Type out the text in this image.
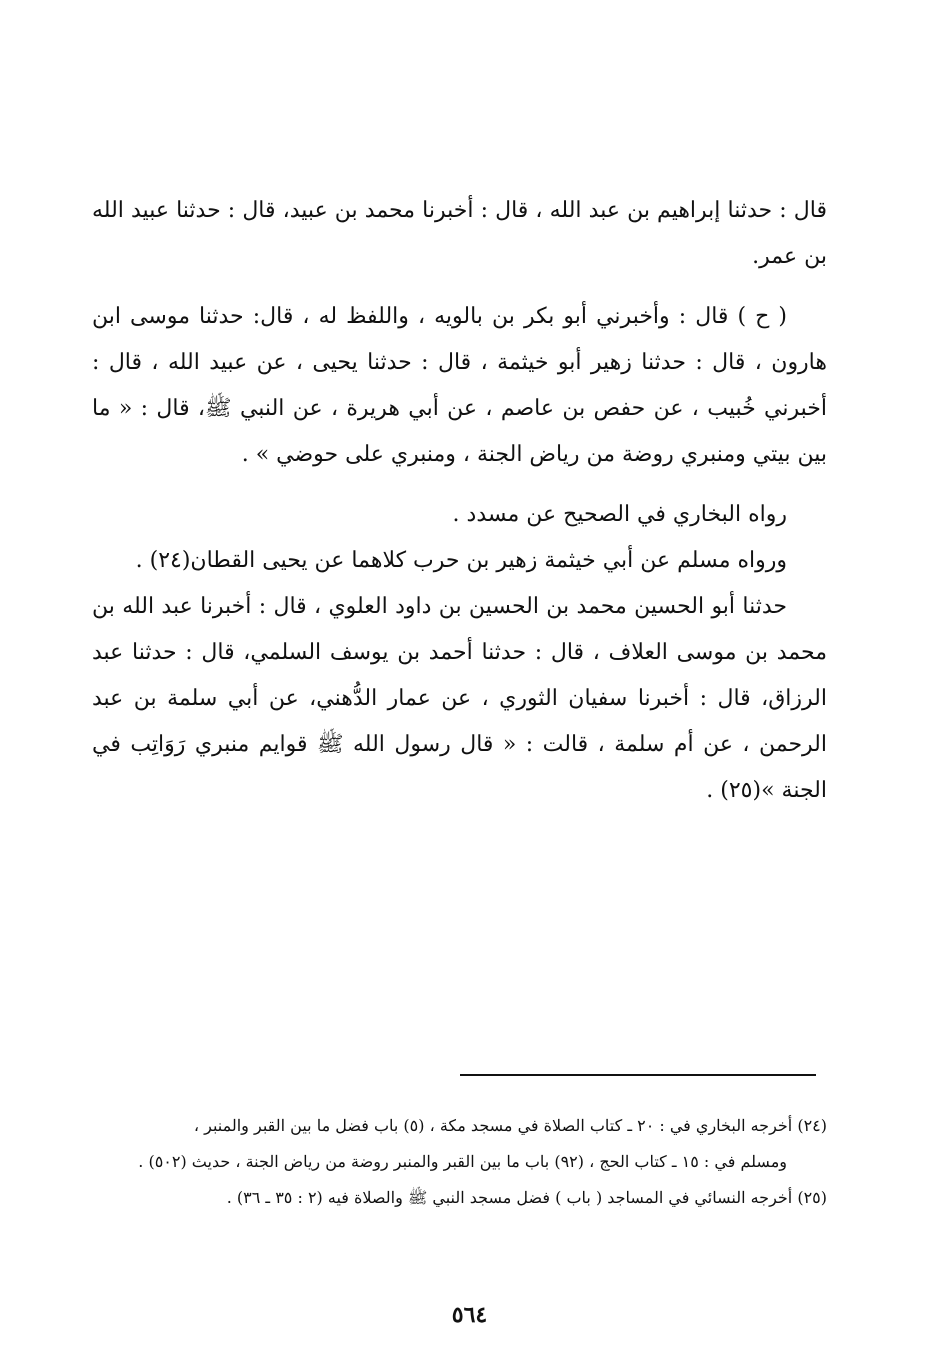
قال : حدثنا إبراهيم بن عبد الله ، قال : أخبرنا محمد بن عبيد، قال : حدثنا عبيد الله بن عمر.

( ح ) قال : وأخبرني أبو بكر بن بالويه ، واللفظ له ، قال: حدثنا موسى ابن هارون ، قال : حدثنا زهير أبو خيثمة ، قال : حدثنا يحيى ، عن عبيد الله ، قال : أخبرني خُبيب ، عن حفص بن عاصم ، عن أبي هريرة ، عن النبي ﷺ، قال : « ما بين بيتي ومنبري روضة من رياض الجنة ، ومنبري على حوضي » .

رواه البخاري في الصحيح عن مسدد .

ورواه مسلم عن أبي خيثمة زهير بن حرب كلاهما عن يحيى القطان(٢٤) .

حدثنا أبو الحسين محمد بن الحسين بن داود العلوي ، قال : أخبرنا عبد الله بن محمد بن موسى العلاف ، قال : حدثنا أحمد بن يوسف السلمي، قال : حدثنا عبد الرزاق، قال : أخبرنا سفيان الثوري ، عن عمار الدُّهني، عن أبي سلمة بن عبد الرحمن ، عن أم سلمة ، قالت : « قال رسول الله ﷺ قوايم منبري رَوَاتِب في الجنة »(٢٥) .

(٢٤) أخرجه البخاري في : ٢٠ ـ كتاب الصلاة في مسجد مكة ، (٥) باب فضل ما بين القبر والمنبر ،

ومسلم في : ١٥ ـ كتاب الحج ، (٩٢) باب ما بين القبر والمنبر روضة من رياض الجنة ، حديث (٥٠٢) .

(٢٥) أخرجه النسائي في المساجد ( باب ) فضل مسجد النبي ﷺ والصلاة فيه (٢ : ٣٥ ـ ٣٦) .

٥٦٤
